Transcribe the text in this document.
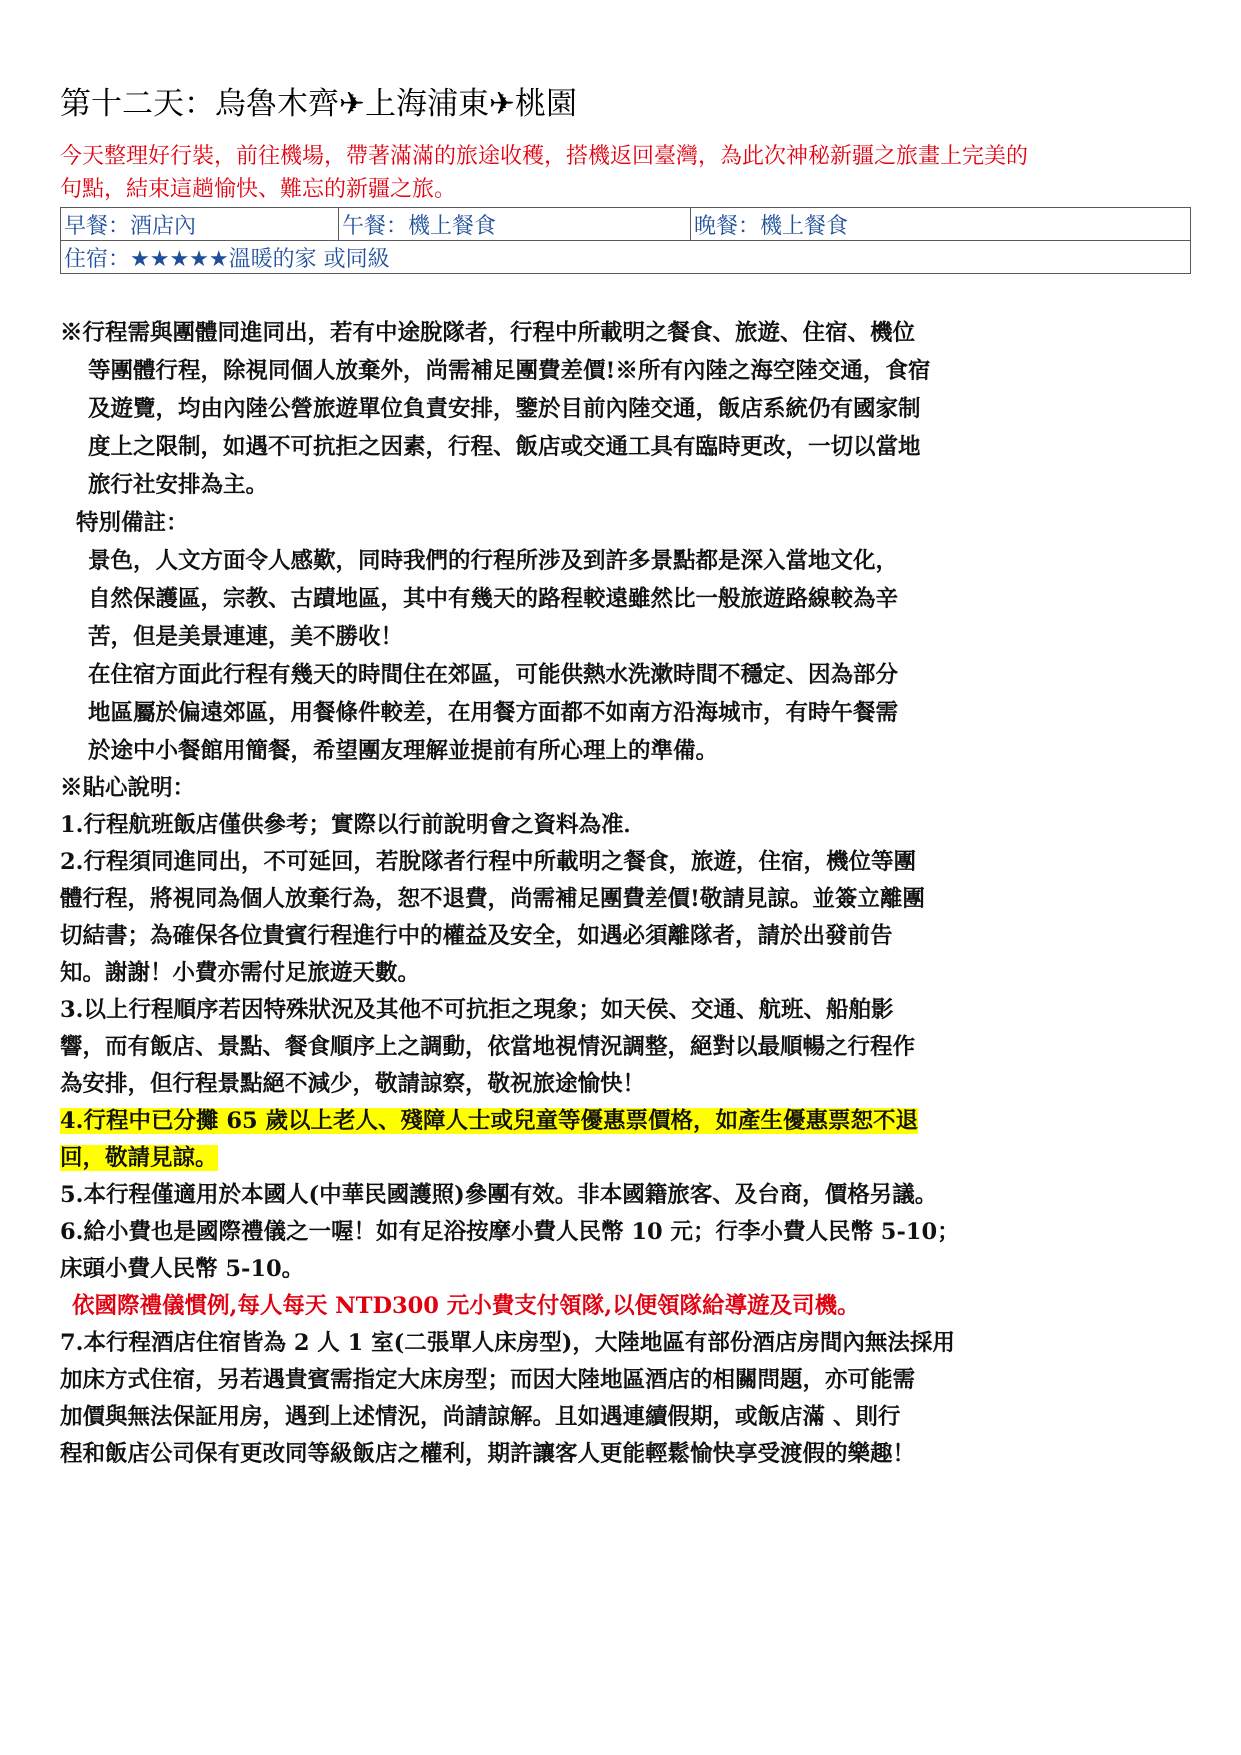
第十二天：烏魯木齊✈上海浦東✈桃園
今天整理好行裝，前往機場，帶著滿滿的旅途收穫，搭機返回臺灣，為此次神秘新疆之旅畫上完美的
句點，結束這趟愉快、難忘的新疆之旅。
早餐：酒店內	午餐：機上餐食	晚餐：機上餐食
住宿：★★★★★溫暖的家 或同級
※行程需與團體同進同出，若有中途脫隊者，行程中所載明之餐食、旅遊、住宿、機位
等團體行程，除視同個人放棄外，尚需補足團費差價!※所有內陸之海空陸交通，食宿
及遊覽，均由內陸公營旅遊單位負責安排，鑒於目前內陸交通，飯店系統仍有國家制
度上之限制，如遇不可抗拒之因素，行程、飯店或交通工具有臨時更改，一切以當地
旅行社安排為主。
特別備註：
景色，人文方面令人感歎，同時我們的行程所涉及到許多景點都是深入當地文化，
自然保護區，宗教、古蹟地區，其中有幾天的路程較遠雖然比一般旅遊路線較為辛
苦，但是美景連連，美不勝收！
在住宿方面此行程有幾天的時間住在郊區，可能供熱水洗漱時間不穩定、因為部分
地區屬於偏遠郊區，用餐條件較差，在用餐方面都不如南方沿海城市，有時午餐需
於途中小餐館用簡餐，希望團友理解並提前有所心理上的準備。
※貼心說明：
1.行程航班飯店僅供參考；實際以行前說明會之資料為准．
2.行程須同進同出，不可延回，若脫隊者行程中所載明之餐食，旅遊，住宿，機位等團
體行程，將視同為個人放棄行為，恕不退費，尚需補足團費差價!敬請見諒。並簽立離團
切結書；為確保各位貴賓行程進行中的權益及安全，如遇必須離隊者，請於出發前告
知。謝謝！小費亦需付足旅遊天數。
3.以上行程順序若因特殊狀況及其他不可抗拒之現象；如天侯、交通、航班、船舶影
響，而有飯店、景點、餐食順序上之調動，依當地視情況調整，絕對以最順暢之行程作
為安排，但行程景點絕不減少，敬請諒察，敬祝旅途愉快！
4.行程中已分攤 65 歲以上老人、殘障人士或兒童等優惠票價格，如產生優惠票恕不退
回，敬請見諒。
5.本行程僅適用於本國人(中華民國護照)參團有效。非本國籍旅客、及台商，價格另議。
6.給小費也是國際禮儀之一喔！如有足浴按摩小費人民幣 10 元；行李小費人民幣 5-10；
床頭小費人民幣 5-10。
依國際禮儀慣例,每人每天 NTD300 元小費支付領隊,以便領隊給導遊及司機。
7.本行程酒店住宿皆為 2 人 1 室(二張單人床房型)，大陸地區有部份酒店房間內無法採用
加床方式住宿，另若遇貴賓需指定大床房型；而因大陸地區酒店的相關問題，亦可能需
加價與無法保証用房，遇到上述情況，尚請諒解。且如遇連續假期，或飯店滿 、則行
程和飯店公司保有更改同等級飯店之權利，期許讓客人更能輕鬆愉快享受渡假的樂趣！
